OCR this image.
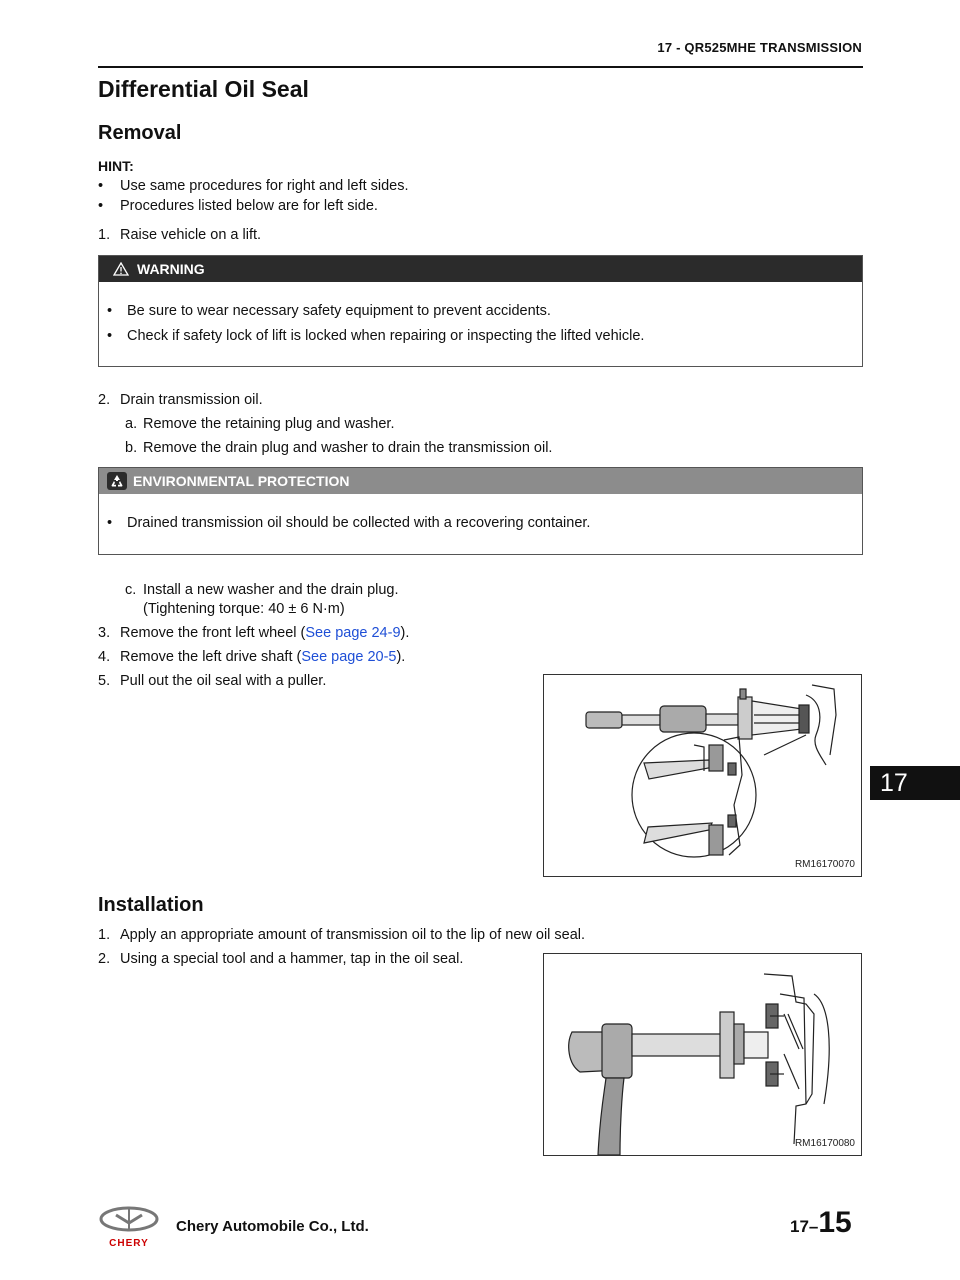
17 - QR525MHE TRANSMISSION
Differential Oil Seal
Removal
HINT:
• Use same procedures for right and left sides.
• Procedures listed below are for left side.
1. Raise vehicle on a lift.
WARNING
• Be sure to wear necessary safety equipment to prevent accidents.
• Check if safety lock of lift is locked when repairing or inspecting the lifted vehicle.
2. Drain transmission oil.
a. Remove the retaining plug and washer.
b. Remove the drain plug and washer to drain the transmission oil.
ENVIRONMENTAL PROTECTION
• Drained transmission oil should be collected with a recovering container.
c. Install a new washer and the drain plug.
(Tightening torque: 40 ± 6 N·m)
3. Remove the front left wheel (See page 24-9).
4. Remove the left drive shaft (See page 20-5).
5. Pull out the oil seal with a puller.
RM16170070
17
Installation
1. Apply an appropriate amount of transmission oil to the lip of new oil seal.
2. Using a special tool and a hammer, tap in the oil seal.
RM16170080
CHERY
Chery Automobile Co., Ltd.	17–15
